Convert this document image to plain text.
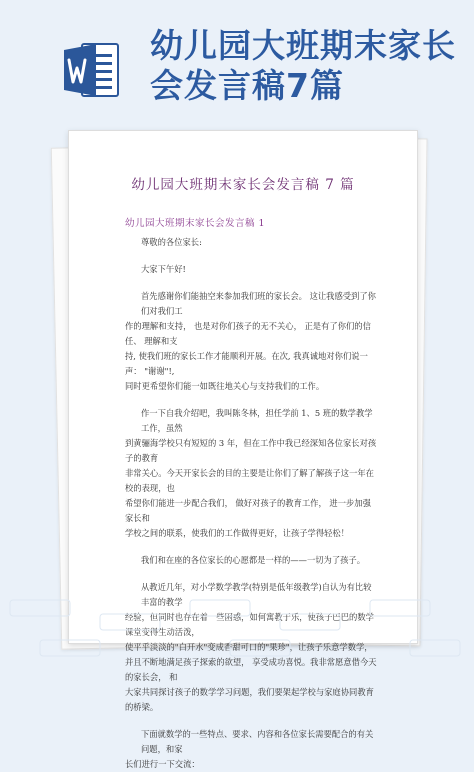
幼儿园大班期末家长会发言稿7篇
幼儿园大班期末家长会发言稿 7 篇
幼儿园大班期末家长会发言稿 1
尊敬的各位家长:
大家下午好!
首先感谢你们能抽空来参加我们班的家长会。 这让我感受到了你们对我们工
作的理解和支持， 也是对你们孩子的无不关心， 正是有了你们的信任、 理解和支
持, 使我们班的家长工作才能顺利开展。在次, 我真诚地对你们说一声： "谢谢"!,
同时更希望你们能一如既往地关心与支持我们的工作。
作一下自我介绍吧，我叫陈冬林，担任学前 1、5 班的数学教学工作，虽然
到黄骊海学校只有短短的 3 年，但在工作中我已经深知各位家长对孩子的教育
非常关心。今天开家长会的目的主要是让你们了解了解孩子这一年在校的表现，也
希望你们能进一步配合我们， 做好对孩子的教育工作， 进一步加强家长和
学校之间的联系，使我们的工作做得更好，让孩子学得轻松！
我们和在座的各位家长的心愿都是一样的——一切为了孩子。
从教近几年，对小学数学教学(特别是低年级教学)自认为有比较丰富的教学
经验，但同时也存在着一些困惑，如何寓教于乐，使孩子巴巴的数学课堂变得生动活泼，
使平乎淡淡的"白开水"变成香甜可口的"果珍"，让孩子乐意学数学，
并且不断地满足孩子探索的欲望， 享受成功喜悦。我非常愿意借今天的家长会， 和
大家共同探讨孩子的数学学习问题，我们要架起学校与家庭协同教育的桥梁。
下面就数学的一些特点、要求、内容和各位家长需要配合的有关问题，和家
长们进行一下交流：
